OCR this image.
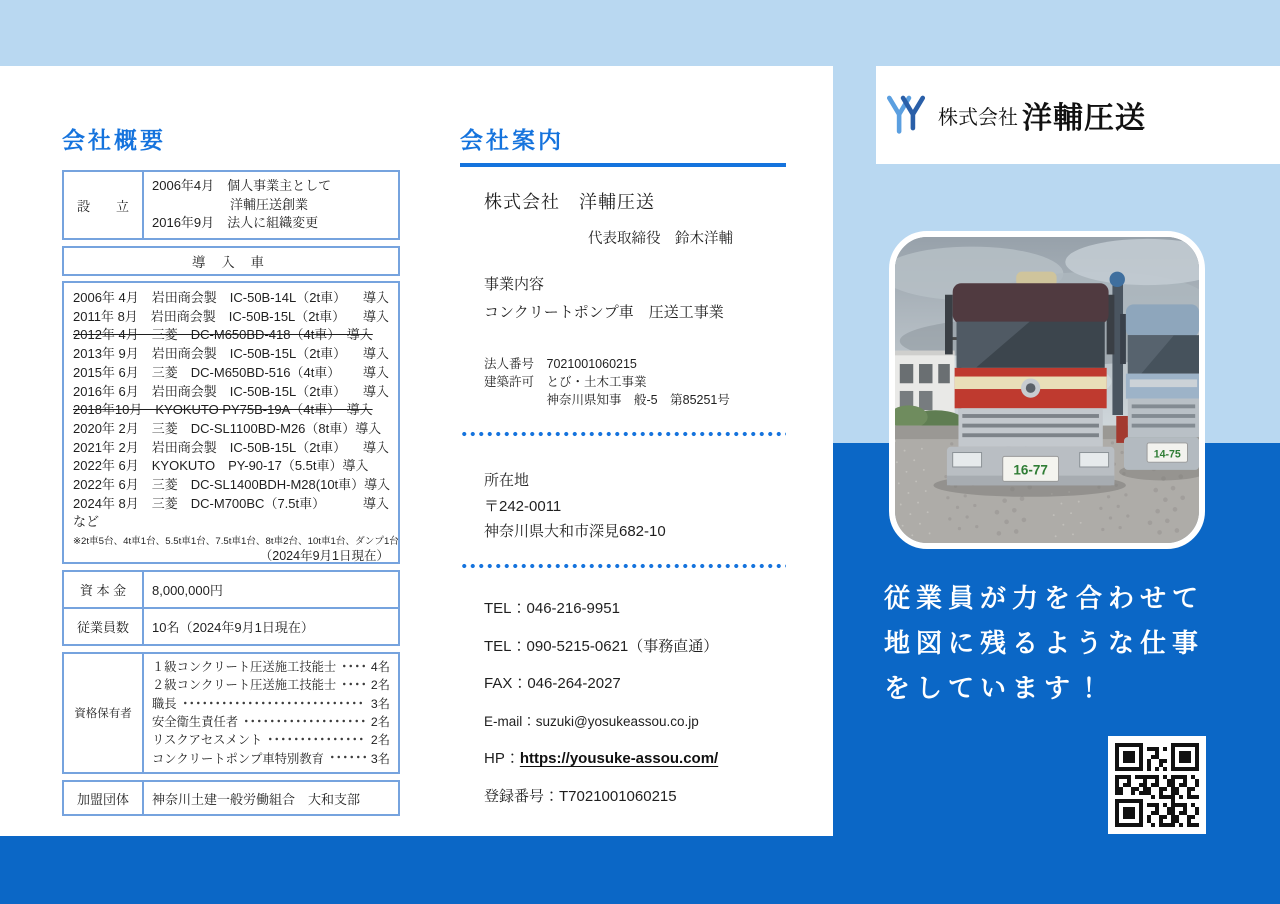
会社概要
設　　立
2006年4月　個人事業主として
　　　　　　洋輔圧送創業
2016年9月　法人に組織変更
導 入 車
2006年 4月　岩田商会製　IC-50B-14L（2t車） 導入
2011年 8月　岩田商会製　IC-50B-15L（2t車） 導入
2012年 4月　三菱　DC-M650BD-418（4t車）　導入
2013年 9月　岩田商会製　IC-50B-15L（2t車） 導入
2015年 6月　三菱　DC-M650BD-516（4t車） 導入
2016年 6月　岩田商会製　IC-50B-15L（2t車） 導入
2018年10月　KYOKUTO PY75B-19A（4t車）　導入
2020年 2月　三菱　DC-SL1100BD-M26（8t車）導入
2021年 2月　岩田商会製　IC-50B-15L（2t車） 導入
2022年 6月　KYOKUTO　PY-90-17（5.5t車）導入
2022年 6月　三菱　DC-SL1400BDH-M28(10t車）導入
2024年 8月　三菱　DC-M700BC（7.5t車）	導入
など
※2t車5台、4t車1台、5.5t車1台、7.5t車1台、8t車2台、10t車1台、ダンプ1台
（2024年9月1日現在）
資 本 金	8,000,000円
従業員数	10名（2024年9月1日現在）
資格保有者
１級コンクリート圧送施工技能士	4名
２級コンクリート圧送施工技能士	2名
職長	3名
安全衛生責任者	2名
リスクアセスメント	2名
コンクリートポンプ車特別教育	3名
加盟団体	神奈川土建一般労働組合　大和支部
会社案内
株式会社　洋輔圧送
代表取締役　鈴木洋輔
事業内容
コンクリートポンプ車　圧送工事業
法人番号　7021001060215
建築許可　とび・土木工事業
　　　　　神奈川県知事　般-5　第85251号
所在地
〒242-0011
神奈川県大和市深見682-10
TEL：046-216-9951
TEL：090-5215-0621（事務直通）
FAX：046-264-2027
E-mail：suzuki@yosukeassou.co.jp
HP：https://yousuke-assou.com/
登録番号：T7021001060215
株式会社 洋輔圧送
16-77
14-75
従業員が力を合わせて
地図に残るような仕事
をしています！
